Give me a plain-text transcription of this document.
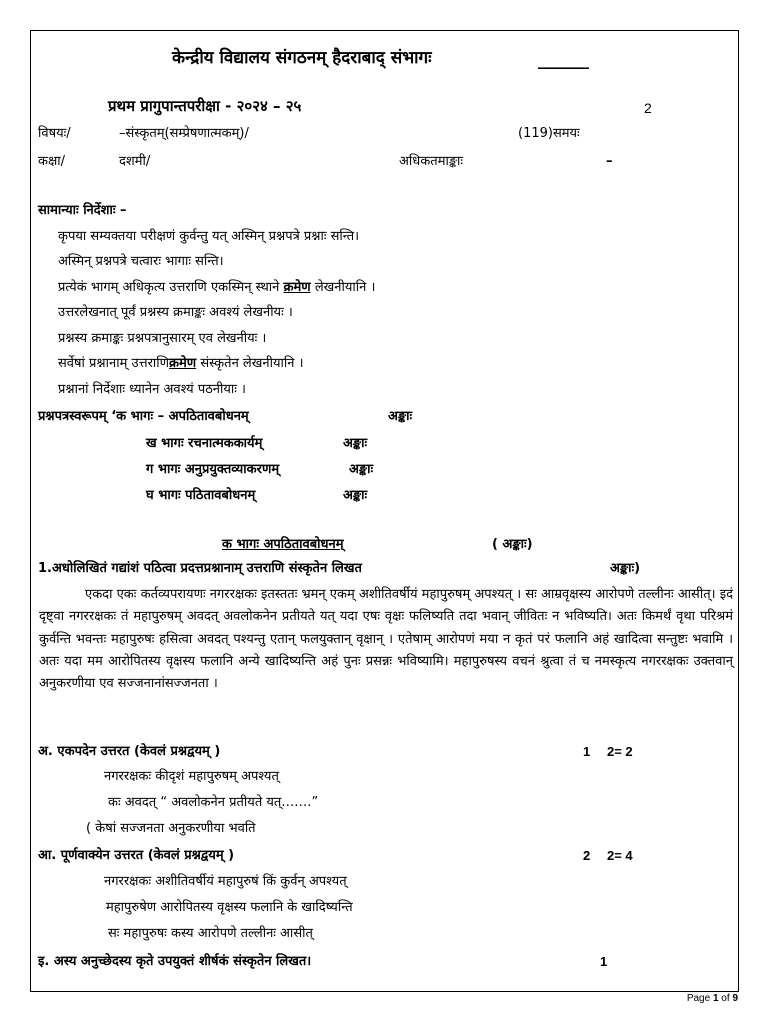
केन्द्रीय विद्यालय संगठनम् हैदराबाद् संभागः	______
प्रथम प्रागुपान्तपरीक्षा - २०२४ – २५	2
विषयः/	–संस्कृतम्(सम्प्रेषणात्मकम्)/	(119)समयः
कक्षा/	दशमी/	अधिकतमाङ्काः	–
सामान्याः निर्देशाः –
कृपया सम्यक्तया परीक्षणं कुर्वन्तु यत् अस्मिन् प्रश्नपत्रे प्रश्नाः सन्ति।
अस्मिन् प्रश्नपत्रे चत्वारः भागाः सन्ति।
प्रत्येकं भागम् अधिकृत्य उत्तराणि एकस्मिन् स्थाने क्रमेण लेखनीयानि ।
उत्तरलेखनात् पूर्वं प्रश्नस्य क्रमाङ्कः अवश्यं लेखनीयः ।
प्रश्नस्य क्रमाङ्कः प्रश्नपत्रानुसारम् एव लेखनीयः ।
सर्वेषां प्रश्नानाम् उत्तराणिक्रमेण संस्कृतेन लेखनीयानि ।
प्रश्नानां निर्देशाः ध्यानेन अवश्यं पठनीयाः ।
प्रश्नपत्रस्वरूपम् ‘क भागः – अपठितावबोधनम्	अङ्काः
ख भागः रचनात्मककार्यम्	अङ्काः
ग भागः अनुप्रयुक्तव्याकरणम्	अङ्काः
घ भागः पठितावबोधनम्	अङ्काः
क भागः अपठितावबोधनम्	( अङ्काः)
1.अधोलिखितं गद्यांशं पठित्वा प्रदत्तप्रश्नानाम् उत्तराणि संस्कृतेन लिखत	अङ्काः)
एकदा एकः कर्तव्यपरायणः नगररक्षकः इतस्ततः भ्रमन् एकम् अशीतिवर्षीयं महापुरुषम् अपश्यत् । सः आम्रवृक्षस्य आरोपणे तल्लीनः आसीत्। इदं दृष्ट्वा नगररक्षकः तं महापुरुषम् अवदत् अवलोकनेन प्रतीयते यत् यदा एषः वृक्षः फलिष्यति तदा भवान् जीवितः न भविष्यति। अतः किमर्थं वृथा परिश्रमं कुर्वन्ति भवन्तः महापुरुषः हसित्वा अवदत् पश्यन्तु एतान् फलयुक्तान् वृक्षान् । एतेषाम् आरोपणं मया न कृतं परं फलानि अहं खादित्वा सन्तुष्टः भवामि । अतः यदा मम आरोपितस्य वृक्षस्य फलानि अन्ये खादिष्यन्ति अहं पुनः प्रसन्नः भविष्यामि। महापुरुषस्य वचनं श्रुत्वा तं च नमस्कृत्य नगररक्षकः उक्तवान् अनुकरणीया एव सज्जनानांसज्जनता ।
अ. एकपदेन उत्तरत (केवलं प्रश्नद्वयम् )	1 2= 2
नगररक्षकः कीदृशं महापुरुषम् अपश्यत्
कः अवदत् “ अवलोकनेन प्रतीयते यत्…….”
( केषां सज्जनता अनुकरणीया भवति
आ. पूर्णवाक्येन उत्तरत (केवलं प्रश्नद्वयम् )	2 2= 4
नगररक्षकः अशीतिवर्षीयं महापुरुषं किं कुर्वन् अपश्यत्
महापुरुषेण आरोपितस्य वृक्षस्य फलानि के खादिष्यन्ति
सः महापुरुषः कस्य आरोपणे तल्लीनः आसीत्
इ. अस्य अनुच्छेदस्य कृते उपयुक्तं शीर्षकं संस्कृतेन लिखत।	1
Page 1 of 9
